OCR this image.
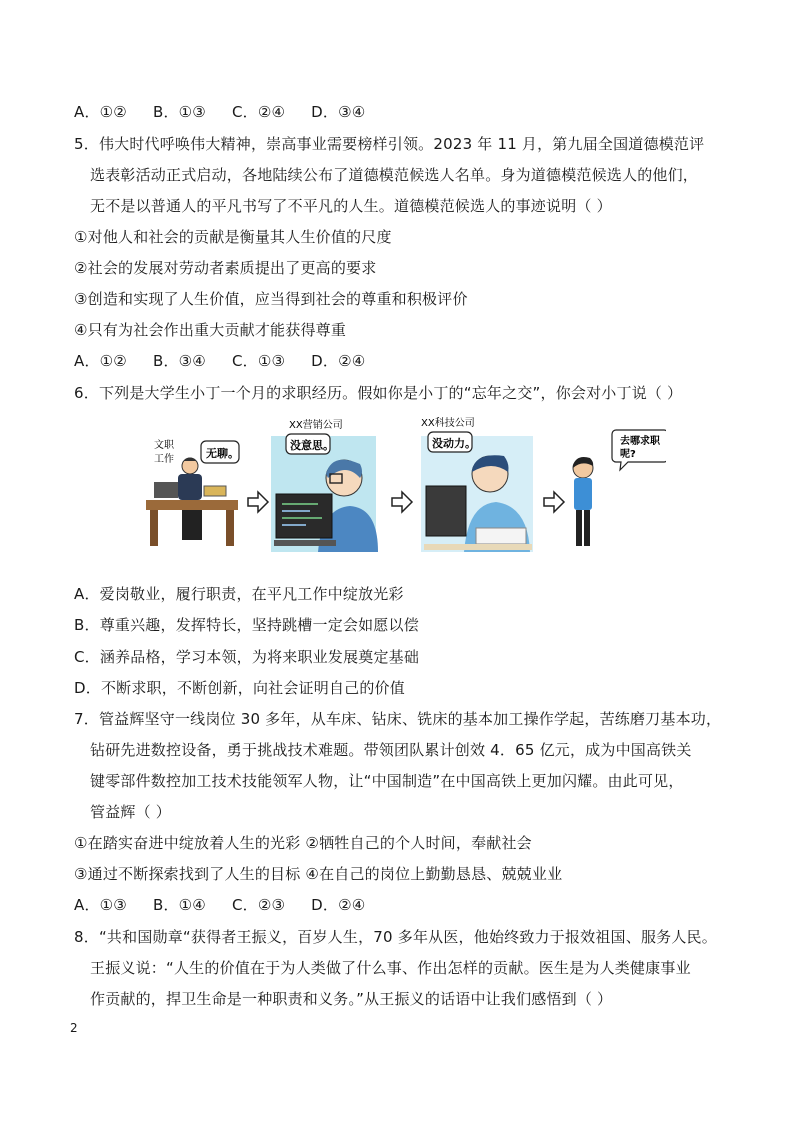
A．①② B．①③ C．②④ D．③④
5．伟大时代呼唤伟大精神，崇高事业需要榜样引领。2023 年 11 月，第九届全国道德模范评
选表彰活动正式启动，各地陆续公布了道德模范候选人名单。身为道德模范候选人的他们，
无不是以普通人的平凡书写了不平凡的人生。道德模范候选人的事迹说明（ ）
①对他人和社会的贡献是衡量其人生价值的尺度
②社会的发展对劳动者素质提出了更高的要求
③创造和实现了人生价值，应当得到社会的尊重和积极评价
④只有为社会作出重大贡献才能获得尊重
A．①② B．③④ C．①③ D．②④
6．下列是大学生小丁一个月的求职经历。假如你是小丁的“忘年之交”，你会对小丁说（ ）
文职
工作	无聊。
XX营销公司
没意思。
XX科技公司
没动力。	去哪求职
呢?
A．爱岗敬业，履行职责，在平凡工作中绽放光彩
B．尊重兴趣，发挥特长，坚持跳槽一定会如愿以偿
C．涵养品格，学习本领，为将来职业发展奠定基础
D．不断求职，不断创新，向社会证明自己的价值
7．管益辉坚守一线岗位 30 多年，从车床、钻床、铣床的基本加工操作学起，苦练磨刀基本功，
钻研先进数控设备，勇于挑战技术难题。带领团队累计创效 4．65 亿元，成为中国高铁关
键零部件数控加工技术技能领军人物，让“中国制造”在中国高铁上更加闪耀。由此可见，
管益辉（ ）
①在踏实奋进中绽放着人生的光彩 ②牺牲自己的个人时间，奉献社会
③通过不断探索找到了人生的目标 ④在自己的岗位上勤勤恳恳、兢兢业业
A．①③ B．①④ C．②③ D．②④
8．“共和国勋章“获得者王振义，百岁人生，70 多年从医，他始终致力于报效祖国、服务人民。
王振义说：“人生的价值在于为人类做了什么事、作出怎样的贡献。医生是为人类健康事业
作贡献的，捍卫生命是一种职责和义务。”从王振义的话语中让我们感悟到（ ）
2
